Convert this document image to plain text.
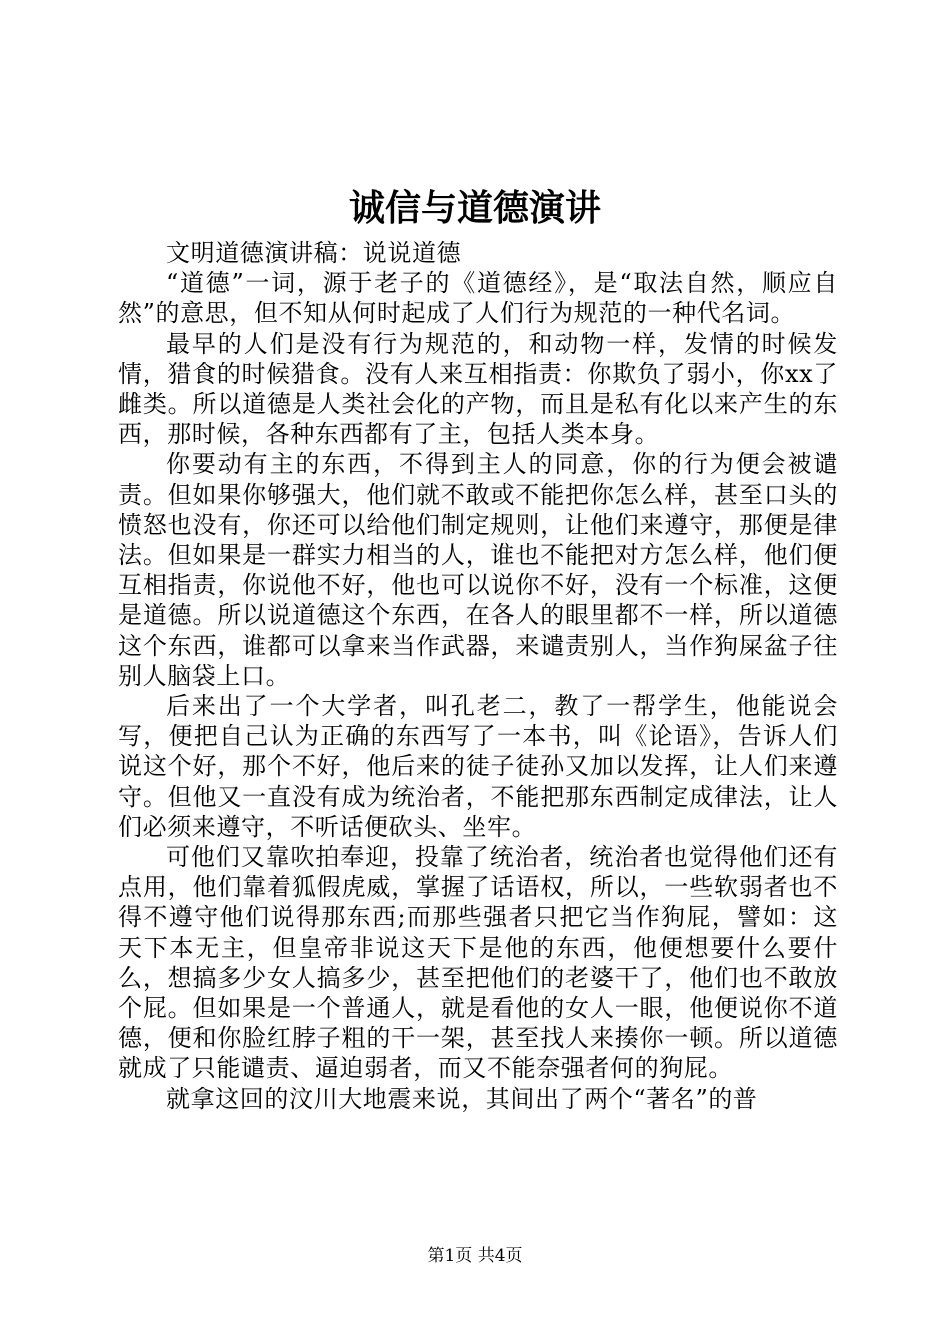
诚信与道德演讲

文明道德演讲稿：说说道德

“道德”一词，源于老子的《道德经》，是“取法自然，顺应自然”的意思，但不知从何时起成了人们行为规范的一种代名词。

最早的人们是没有行为规范的，和动物一样，发情的时候发情，猎食的时候猎食。没有人来互相指责：你欺负了弱小，你xx了雌类。所以道德是人类社会化的产物，而且是私有化以来产生的东西，那时候，各种东西都有了主，包括人类本身。

你要动有主的东西，不得到主人的同意，你的行为便会被谴责。但如果你够强大，他们就不敢或不能把你怎么样，甚至口头的愤怒也没有，你还可以给他们制定规则，让他们来遵守，那便是律法。但如果是一群实力相当的人，谁也不能把对方怎么样，他们便互相指责，你说他不好，他也可以说你不好，没有一个标准，这便是道德。所以说道德这个东西，在各人的眼里都不一样，所以道德这个东西，谁都可以拿来当作武器，来谴责别人，当作狗屎盆子往别人脑袋上口。

后来出了一个大学者，叫孔老二，教了一帮学生，他能说会写，便把自己认为正确的东西写了一本书，叫《论语》，告诉人们说这个好，那个不好，他后来的徒子徒孙又加以发挥，让人们来遵守。但他又一直没有成为统治者，不能把那东西制定成律法，让人们必须来遵守，不听话便砍头、坐牢。

可他们又靠吹拍奉迎，投靠了统治者，统治者也觉得他们还有点用，他们靠着狐假虎威，掌握了话语权，所以，一些软弱者也不得不遵守他们说得那东西;而那些强者只把它当作狗屁，譬如：这天下本无主，但皇帝非说这天下是他的东西，他便想要什么要什么，想搞多少女人搞多少，甚至把他们的老婆干了，他们也不敢放个屁。但如果是一个普通人，就是看他的女人一眼，他便说你不道德，便和你脸红脖子粗的干一架，甚至找人来揍你一顿。所以道德就成了只能谴责、逼迫弱者，而又不能奈强者何的狗屁。

就拿这回的汶川大地震来说，其间出了两个“著名”的普

第1页 共4页
